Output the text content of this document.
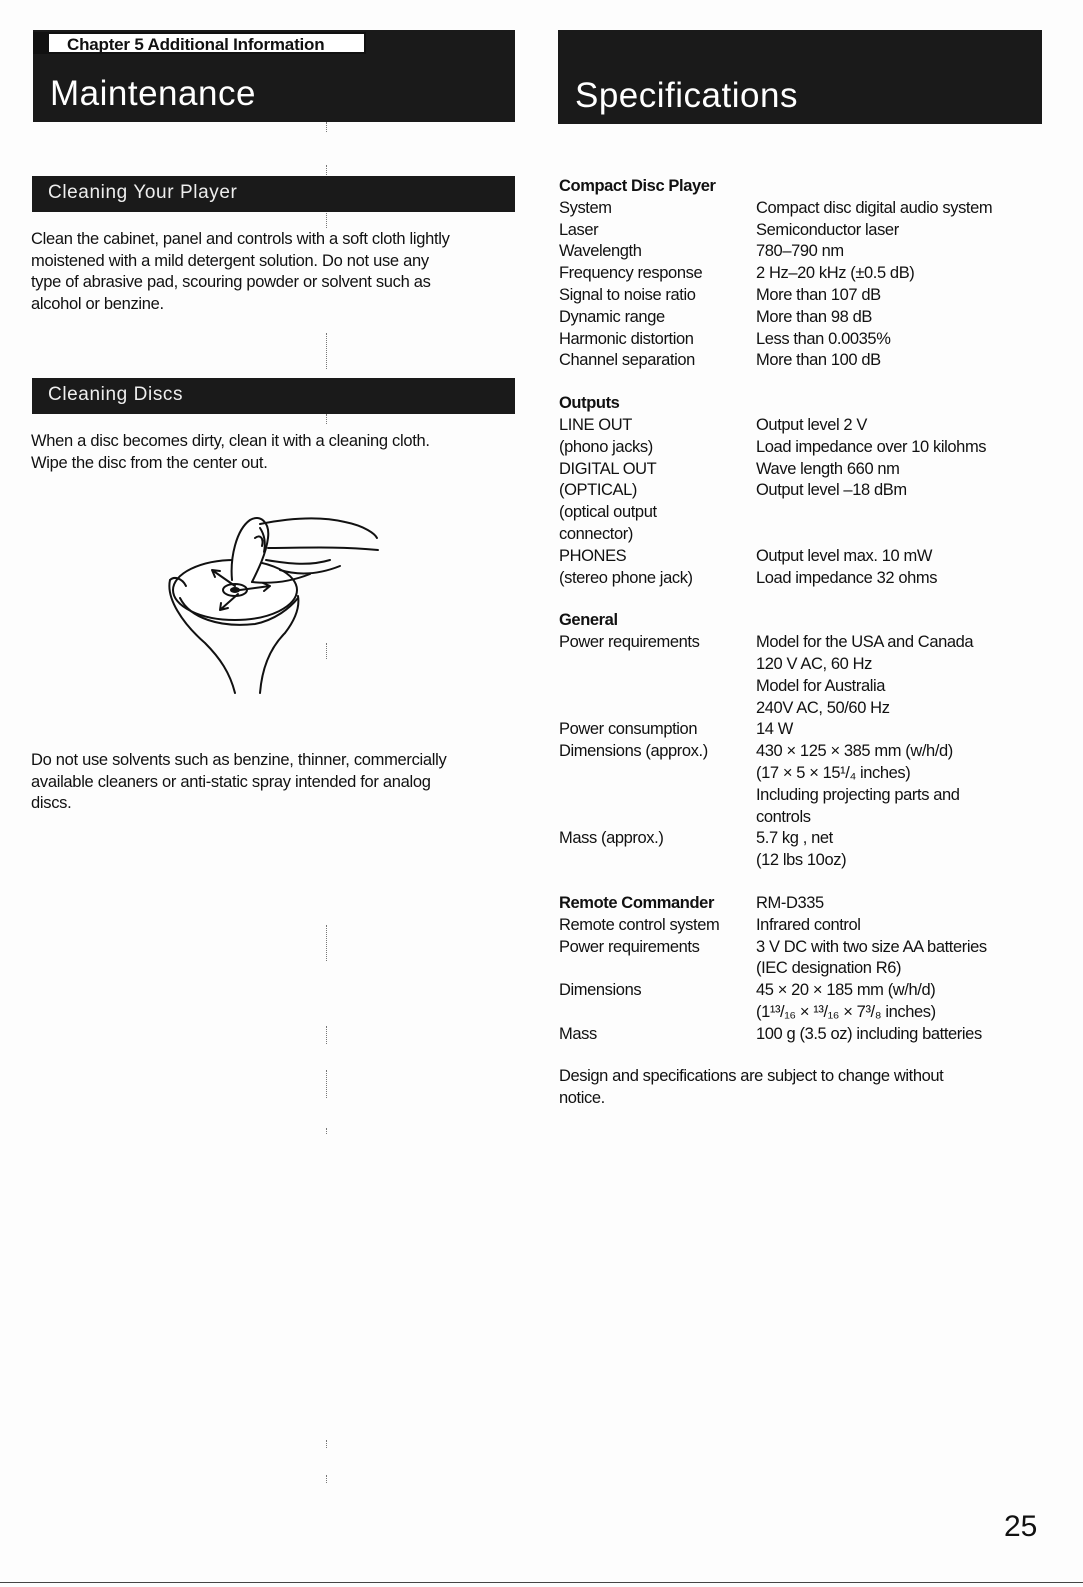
Maintenance
Chapter 5 Additional Information
Specifications
Cleaning Your Player
Clean the cabinet, panel and controls with a soft cloth lightly
moistened with a mild detergent solution. Do not use any
type of abrasive pad, scouring powder or solvent such as
alcohol or benzine.
Cleaning Discs
When a disc becomes dirty, clean it with a cleaning cloth.
Wipe the disc from the center out.
Do not use solvents such as benzine, thinner, commercially
available cleaners or anti-static spray intended for analog
discs.
Compact Disc Player
System	Compact disc digital audio system
Laser	Semiconductor laser
Wavelength	780–790 nm
Frequency response	2 Hz–20 kHz (±0.5 dB)
Signal to noise ratio	More than 107 dB
Dynamic range	More than 98 dB
Harmonic distortion	Less than 0.0035%
Channel separation	More than 100 dB
Outputs
LINE OUT	Output level 2 V
(phono jacks)	Load impedance over 10 kilohms
DIGITAL OUT	Wave length 660 nm
(OPTICAL)	Output level –18 dBm
(optical output
connector)
PHONES	Output level max. 10 mW
(stereo phone jack)	Load impedance 32 ohms
General
Power requirements	Model for the USA and Canada
120 V AC, 60 Hz
Model for Australia
240V AC, 50/60 Hz
Power consumption	14 W
Dimensions (approx.)	430 × 125 × 385 mm (w/h/d)
(17 × 5 × 15¹/₄ inches)
Including projecting parts and
controls
Mass (approx.)	5.7 kg , net
(12 lbs 10oz)
Remote Commander	RM-D335
Remote control system	Infrared control
Power requirements	3 V DC with two size AA batteries
(IEC designation R6)
Dimensions	45 × 20 × 185 mm (w/h/d)
(1¹³/₁₆ × ¹³/₁₆ × 7³/₈ inches)
Mass	100 g (3.5 oz) including batteries
Design and specifications are subject to change without
notice.
25
